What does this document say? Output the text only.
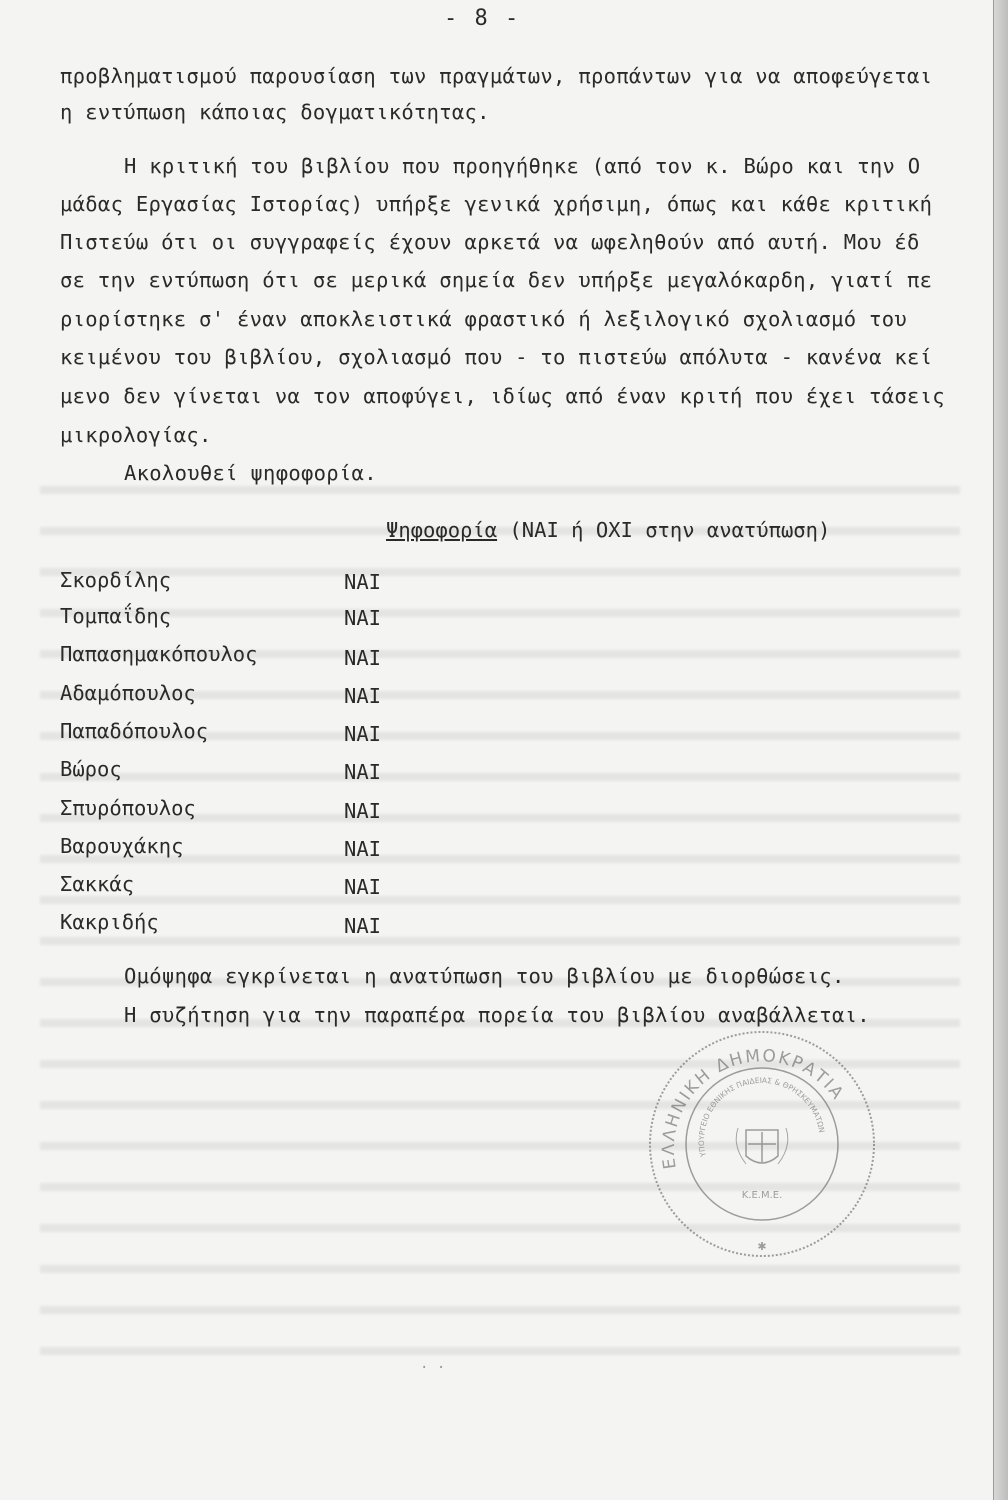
- 8 -
προβληματισμού παρουσίαση των πραγμάτων, προπάντων για να αποφεύγεται
η εντύπωση κάποιας δογματικότητας.
Η κριτική του βιβλίου που προηγήθηκε (από τον κ. Βώρο και την Ο
μάδας Εργασίας Ιστορίας) υπήρξε γενικά χρήσιμη, όπως και κάθε κριτική
Πιστεύω ότι οι συγγραφείς έχουν αρκετά να ωφεληθούν από αυτή. Μου έδ
σε την εντύπωση ότι σε μερικά σημεία δεν υπήρξε μεγαλόκαρδη, γιατί πε
ριορίστηκε σ' έναν αποκλειστικά φραστικό ή λεξιλογικό σχολιασμό του
κειμένου του βιβλίου, σχολιασμό που - το πιστεύω απόλυτα - κανένα κεί
μενο δεν γίνεται να τον αποφύγει, ιδίως από έναν κριτή που έχει τάσεις
μικρολογίας.
Ακολουθεί ψηφοφορία.
Ψηφοφορία (ΝΑΙ ή ΟΧΙ στην ανατύπωση)
Σκορδίλης	ΝΑΙ
Τομπαΐδης	ΝΑΙ
Παπασημακόπουλος	ΝΑΙ
Αδαμόπουλος	ΝΑΙ
Παπαδόπουλος	ΝΑΙ
Βώρος	ΝΑΙ
Σπυρόπουλος	ΝΑΙ
Βαρουχάκης	ΝΑΙ
Σακκάς	ΝΑΙ
Κακριδής	ΝΑΙ
Ομόψηφα εγκρίνεται η ανατύπωση του βιβλίου με διορθώσεις.
Η συζήτηση για την παραπέρα πορεία του βιβλίου αναβάλλεται.
ΕΛΛΗΝΙΚΗ ΔΗΜΟΚΡΑΤΙΑ
ΥΠΟΥΡΓΕΙΟ ΕΘΝΙΚΗΣ ΠΑΙΔΕΙΑΣ & ΘΡΗΣΚΕΥΜΑΤΩΝ
Κ.Ε.Μ.Ε.
✱
· ·
